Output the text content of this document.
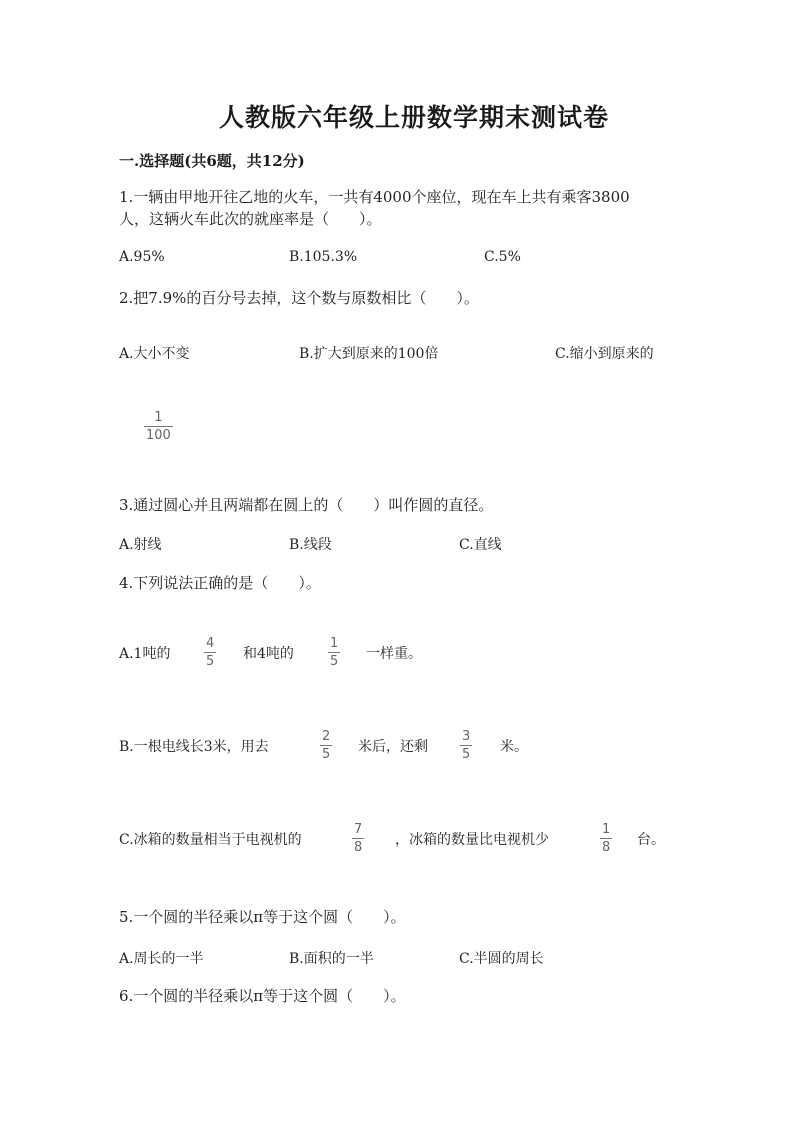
人教版六年级上册数学期末测试卷
一.选择题(共6题，共12分)
1.一辆由甲地开往乙地的火车，一共有4000个座位，现在车上共有乘客3800
人，这辆火车此次的就座率是（　　）。
A.95%	B.105.3%	C.5%
2.把7.9%的百分号去掉，这个数与原数相比（　　）。
A.大小不变	B.扩大到原来的100倍	C.缩小到原来的
1
100
3.通过圆心并且两端都在圆上的（　　）叫作圆的直径。
A.射线	B.线段	C.直线
4.下列说法正确的是（　　）。
A.1吨的
4
5 和4吨的
1
5 一样重。
B.一根电线长3米，用去
2
5 米后，还剩
3
5 米。
C.冰箱的数量相当于电视机的
7
8 ，冰箱的数量比电视机少
1
8 台。
5.一个圆的半径乘以π等于这个圆（　　）。
A.周长的一半	B.面积的一半	C.半圆的周长
6.一个圆的半径乘以π等于这个圆（　　）。
